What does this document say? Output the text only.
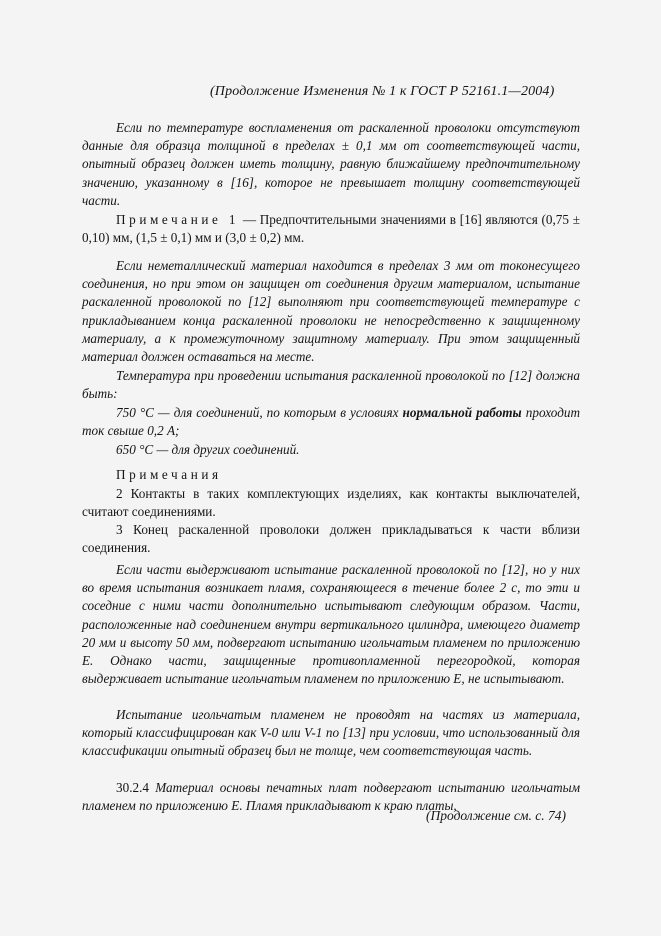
(Продолжение Изменения № 1 к ГОСТ Р 52161.1—2004)

Если по температуре воспламенения от раскаленной проволоки отсутствуют данные для образца толщиной в пределах ± 0,1 мм от соответствующей части, опытный образец должен иметь толщину, равную ближайшему предпочтительному значению, указанному в [16], которое не превышает толщину соответствующей части.

Примечание 1 — Предпочтительными значениями в [16] являются (0,75 ± 0,10) мм, (1,5 ± 0,1) мм и (3,0 ± 0,2) мм.

Если неметаллический материал находится в пределах 3 мм от токонесущего соединения, но при этом он защищен от соединения другим материалом, испытание раскаленной проволокой по [12] выполняют при соответствующей температуре с прикладыванием конца раскаленной проволоки не непосредственно к защищенному материалу, а к промежуточному защитному материалу. При этом защищенный материал должен оставаться на месте.

Температура при проведении испытания раскаленной проволокой по [12] должна быть:

750 °С — для соединений, по которым в условиях нормальной работы проходит ток свыше 0,2 А;

650 °С — для других соединений.

Примечания

2 Контакты в таких комплектующих изделиях, как контакты выключателей, считают соединениями.

3 Конец раскаленной проволоки должен прикладываться к части вблизи соединения.

Если части выдерживают испытание раскаленной проволокой по [12], но у них во время испытания возникает пламя, сохраняющееся в течение более 2 с, то эти и соседние с ними части дополнительно испытывают следующим образом. Части, расположенные над соединением внутри вертикального цилиндра, имеющего диаметр 20 мм и высоту 50 мм, подвергают испытанию игольчатым пламенем по приложению Е. Однако части, защищенные противопламенной перегородкой, которая выдерживает испытание игольчатым пламенем по приложению Е, не испытывают.

Испытание игольчатым пламенем не проводят на частях из материала, который классифицирован как V-0 или V-1 по [13] при условии, что использованный для классификации опытный образец был не толще, чем соответствующая часть.

30.2.4 Материал основы печатных плат подвергают испытанию игольчатым пламенем по приложению Е. Пламя прикладывают к краю платы,

(Продолжение см. с. 74)
